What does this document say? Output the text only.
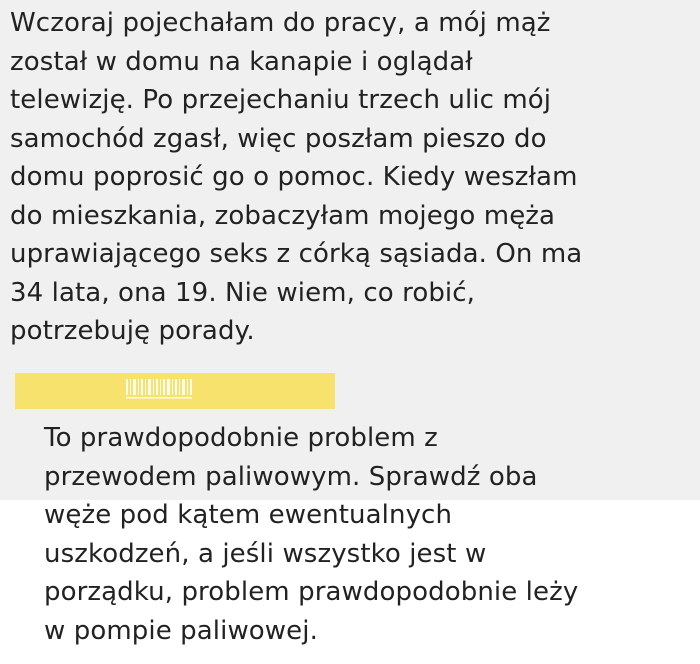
Wczoraj pojechałam do pracy, a mój mąż
został w domu na kanapie i oglądał
telewizję. Po przejechaniu trzech ulic mój
samochód zgasł, więc poszłam pieszo do
domu poprosić go o pomoc. Kiedy weszłam
do mieszkania, zobaczyłam mojego męża
uprawiającego seks z córką sąsiada. On ma
34 lata, ona 19. Nie wiem, co robić,
potrzebuję porady.
To prawdopodobnie problem z
przewodem paliwowym. Sprawdź oba
węże pod kątem ewentualnych
uszkodzeń, a jeśli wszystko jest w
porządku, problem prawdopodobnie leży
w pompie paliwowej.
